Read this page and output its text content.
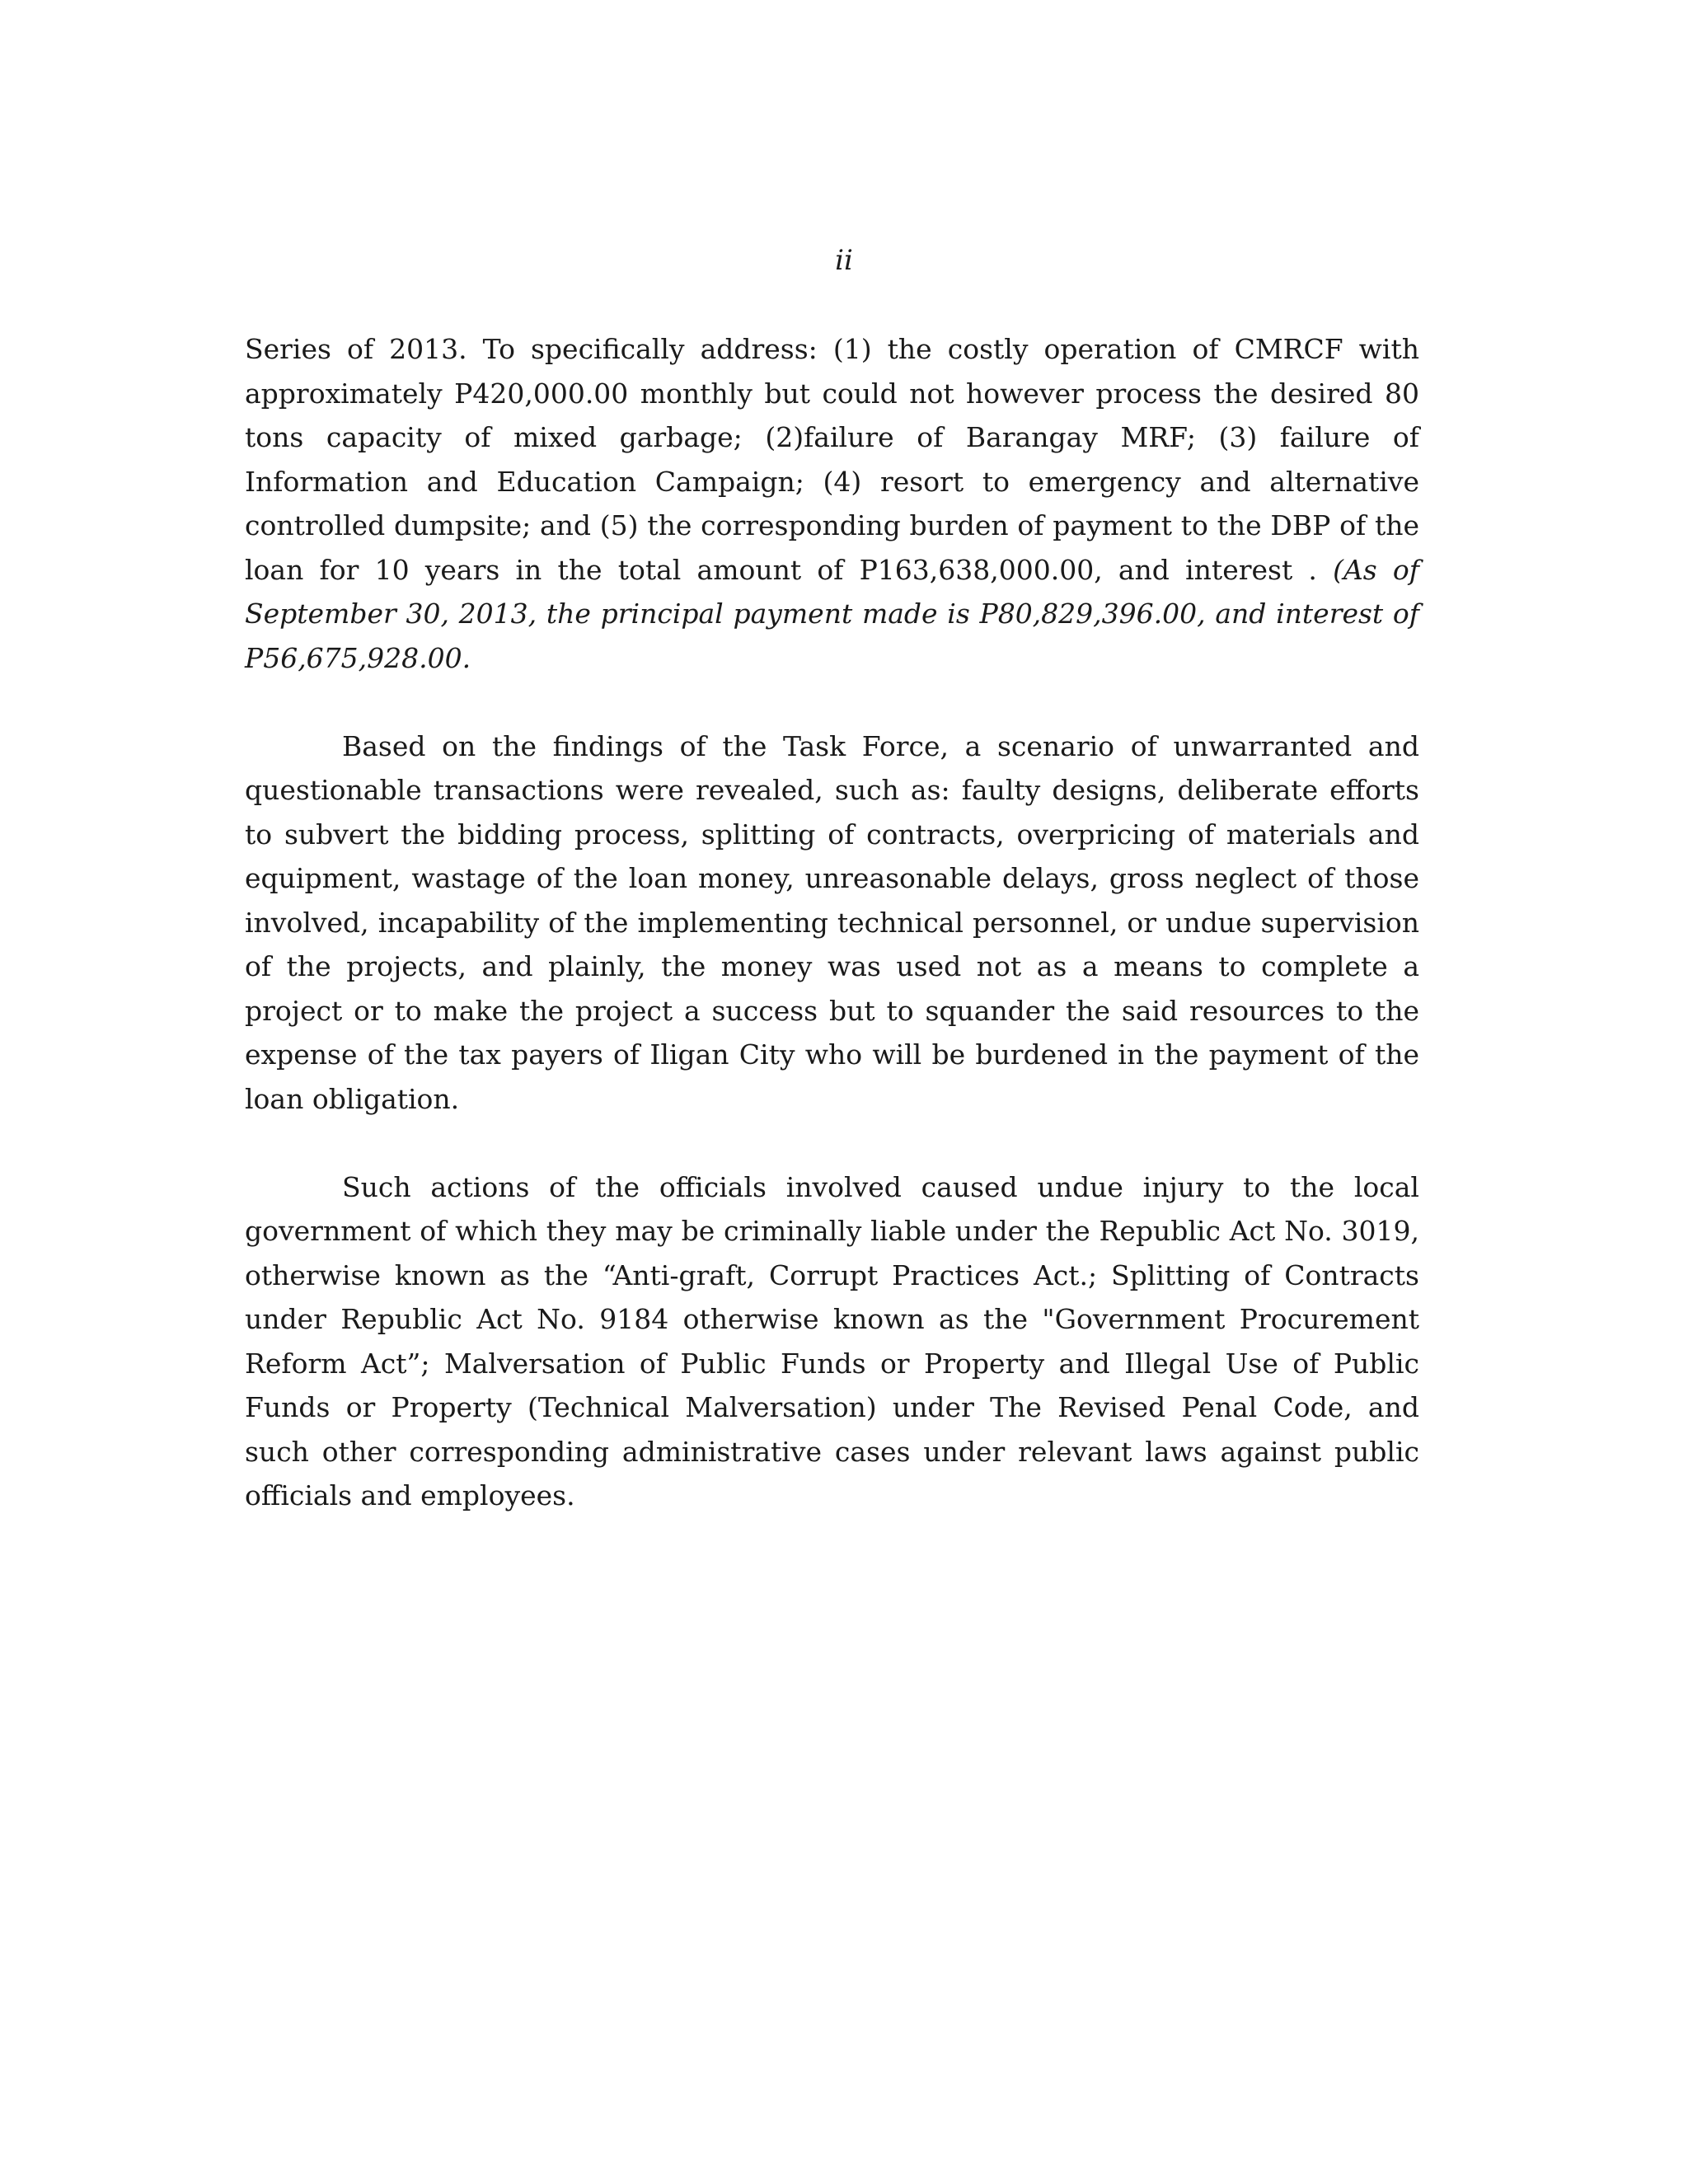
ii

Series of 2013. To specifically address: (1) the costly operation of CMRCF with approximately P420,000.00 monthly but could not however process the desired 80 tons capacity of mixed garbage; (2)failure of Barangay MRF; (3) failure of Information and Education Campaign; (4) resort to emergency and alternative controlled dumpsite; and (5) the corresponding burden of payment to the DBP of the loan for 10 years in the total amount of P163,638,000.00, and interest . (As of September 30, 2013, the principal payment made is P80,829,396.00, and interest of P56,675,928.00.

Based on the findings of the Task Force, a scenario of unwarranted and questionable transactions were revealed, such as: faulty designs, deliberate efforts to subvert the bidding process, splitting of contracts, overpricing of materials and equipment, wastage of the loan money, unreasonable delays, gross neglect of those involved, incapability of the implementing technical personnel, or undue supervision of the projects, and plainly, the money was used not as a means to complete a project or to make the project a success but to squander the said resources to the expense of the tax payers of Iligan City who will be burdened in the payment of the loan obligation.

Such actions of the officials involved caused undue injury to the local government of which they may be criminally liable under the Republic Act No. 3019, otherwise known as the “Anti-graft, Corrupt Practices Act.; Splitting of Contracts under Republic Act No. 9184 otherwise known as the "Government Procurement Reform Act”; Malversation of Public Funds or Property and Illegal Use of Public Funds or Property (Technical Malversation) under The Revised Penal Code, and such other corresponding administrative cases under relevant laws against public officials and employees.
